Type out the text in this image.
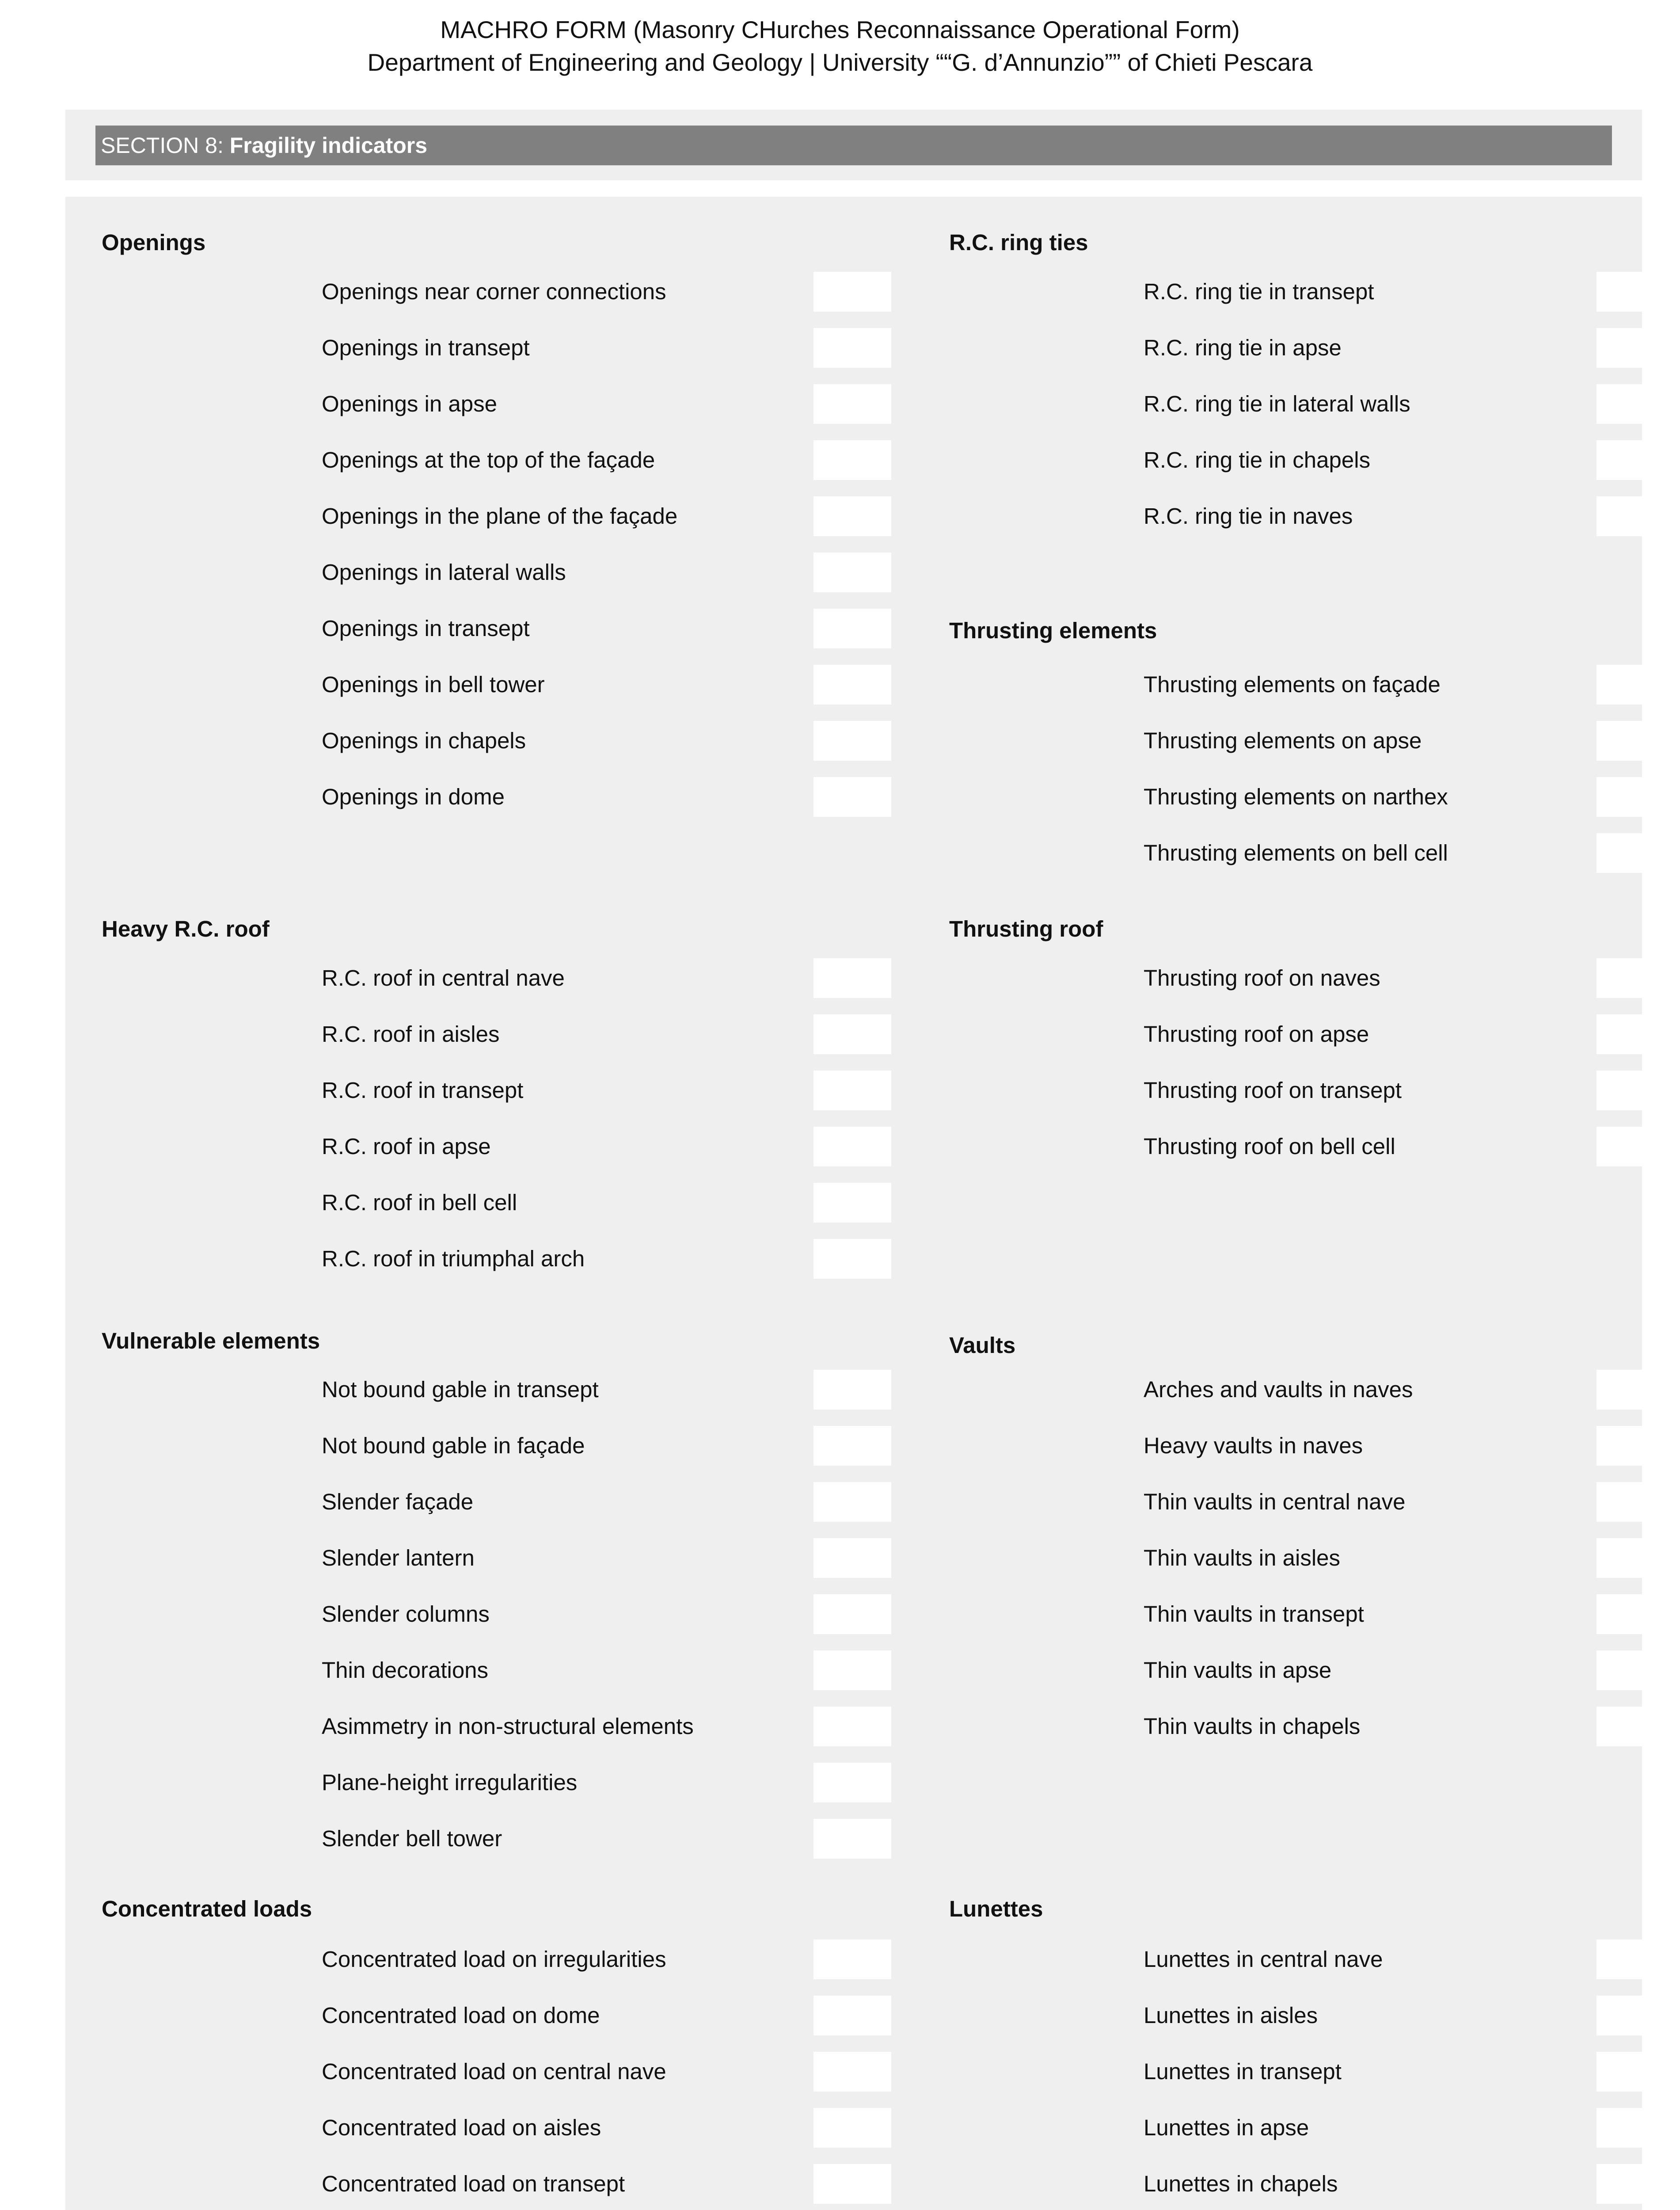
MACHRO FORM (Masonry CHurches Reconnaissance Operational Form)
Department of Engineering and Geology | University ““G. d’Annunzio”” of Chieti Pescara
SECTION 8: Fragility indicators
Openings
Openings near corner connections
Openings in transept
Openings in apse
Openings at the top of the façade
Openings in the plane of the façade
Openings in lateral walls
Openings in transept
Openings in bell tower
Openings in chapels
Openings in dome
R.C. ring ties
R.C. ring tie in transept
R.C. ring tie in apse
R.C. ring tie in lateral walls
R.C. ring tie in chapels
R.C. ring tie in naves
Thrusting elements
Thrusting elements on façade
Thrusting elements on apse
Thrusting elements on narthex
Thrusting elements on bell cell
Heavy R.C. roof
R.C. roof in central nave
R.C. roof in aisles
R.C. roof in transept
R.C. roof in apse
R.C. roof in bell cell
R.C. roof in triumphal arch
Thrusting roof
Thrusting roof on naves
Thrusting roof on apse
Thrusting roof on transept
Thrusting roof on bell cell
Vulnerable elements
Not bound gable in transept
Not bound gable in façade
Slender façade
Slender lantern
Slender columns
Thin decorations
Asimmetry in non-structural elements
Plane-height irregularities
Slender bell tower
Vaults
Arches and vaults in naves
Heavy vaults in naves
Thin vaults in central nave
Thin vaults in aisles
Thin vaults in transept
Thin vaults in apse
Thin vaults in chapels
Concentrated loads
Concentrated load on irregularities
Concentrated load on dome
Concentrated load on central nave
Concentrated load on aisles
Concentrated load on transept
Lunettes
Lunettes in central nave
Lunettes in aisles
Lunettes in transept
Lunettes in apse
Lunettes in chapels
